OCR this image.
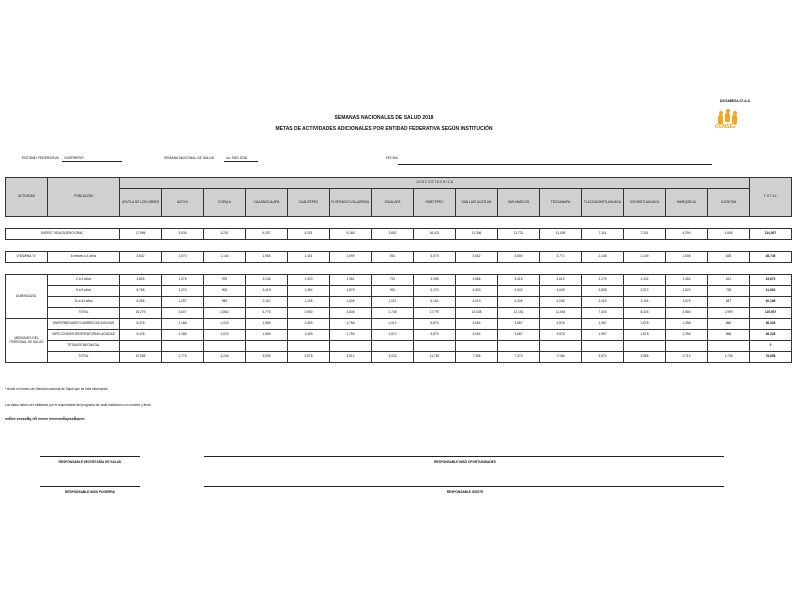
DS/SABESA-07-A-A
CONSEJ
SEMANAS NACIONALES DE SALUD 2018
METAS DE ACTIVIDADES ADICIONALES POR ENTIDAD FEDERATIVA SEGÚN INSTITUCIÓN
ENTIDAD FEDERATIVA: GUERRERO	SEMANA NACIONAL DE SALUD	1a. SNS 2018	FECHA:
ACTIVIDAD	POBLACIÓN	J U R C O S T A C H I C A															T O T A L
		AYUTLA DE LOS LIBRES	AZOYU	COPALA	CUAJINICUILAPA	CUAUTEPEC	FLORENCIO VILLARREAL	IGUALAPA	OMETEPEC	SAN LUIS ACATLAN	SAN MARCOS	TECOANAPA	TLACOACHISTLAHUACA	XOCHISTLAHUACA	MARQUELIA	JUCHITAN	

SUERO "VIDA SUERO ORAL"		17,966	3,036	3,201	6,337	4,201	5,165	2,652	16,421	11,306	11,721	11,009	7,114	7,201	4,290	1,845	114,907

VITAMINA "A"	6 meses a 4 años	3,632	1,070	1,144	1,965	1,161	1,099	941	5,079	3,062	3,504	3,771	2,148	2,149	1,006	628	36,748

ALBENDAZOL	2 a 4 años	3,826	1,076	978	2,246	1,320	1,061	791	5,398	3,686	3,415	3,619	2,179	2,242	1,364	612	33,870
	5 a 9 años	6,765	1,274	900	2,419	1,494	1,879	931	6,170	4,303	4,342	4,049	2,828	2,972	1,620	728	41,892
	10 a 14 años	6,286	1,257	984	2,110	1,136	1,606	1,021	6,154	4,019	4,406	4,006	2,419	3,118	1,676	847	40,166
	TOTAL	16,279	3,607	2,862	6,775	3,950	4,606	2,745	17,797	12,028	12,151	11,044	7,426	8,326	4,584	1,999	115,907
MENSAJES DEL PERSONAL DE SALUD	ENFERMEDADES DIARREICAS AGUDAS	5,476	1,186	1,023	1,966	1,469	1,756	1,012	5,876	3,054	3,687	3,578	1,987	1,878	1,396	866	36,326
	INFECCIONES RESPIRATORIAS AGUDAS	5,476	1,186	1,023	1,966	1,469	1,756	1,012	5,876	3,054	3,687	3,578	1,987	1,878	1,396	866	36,326
	TÉTANOS NEONATAL																0
	TOTAL	10,955	2,776	3,246	3,936	2,978	3,512	3,024	11,750	7,396	7,374	7,156	3,974	3,856	2,710	1,736	76,656
* Anote el número de Semana nacional de Salud que se está informando
Los datos deben ser validados por el responsable del programa de cada Institución con nombre y firma
s¤Ñ¤¤ s¤¤ssÑq ¤Ñ ¤¤¤¤¤ ¤¤¤¤¤ssÑq¤ssÑq¤¤¤
RESPONSABLE SECRETARÍA DE SALUD	RESPONSABLE IMSS OPORTUNIDADES
RESPONSABLE IMSS POGERRA	RESPONSABLE ISSSTE
